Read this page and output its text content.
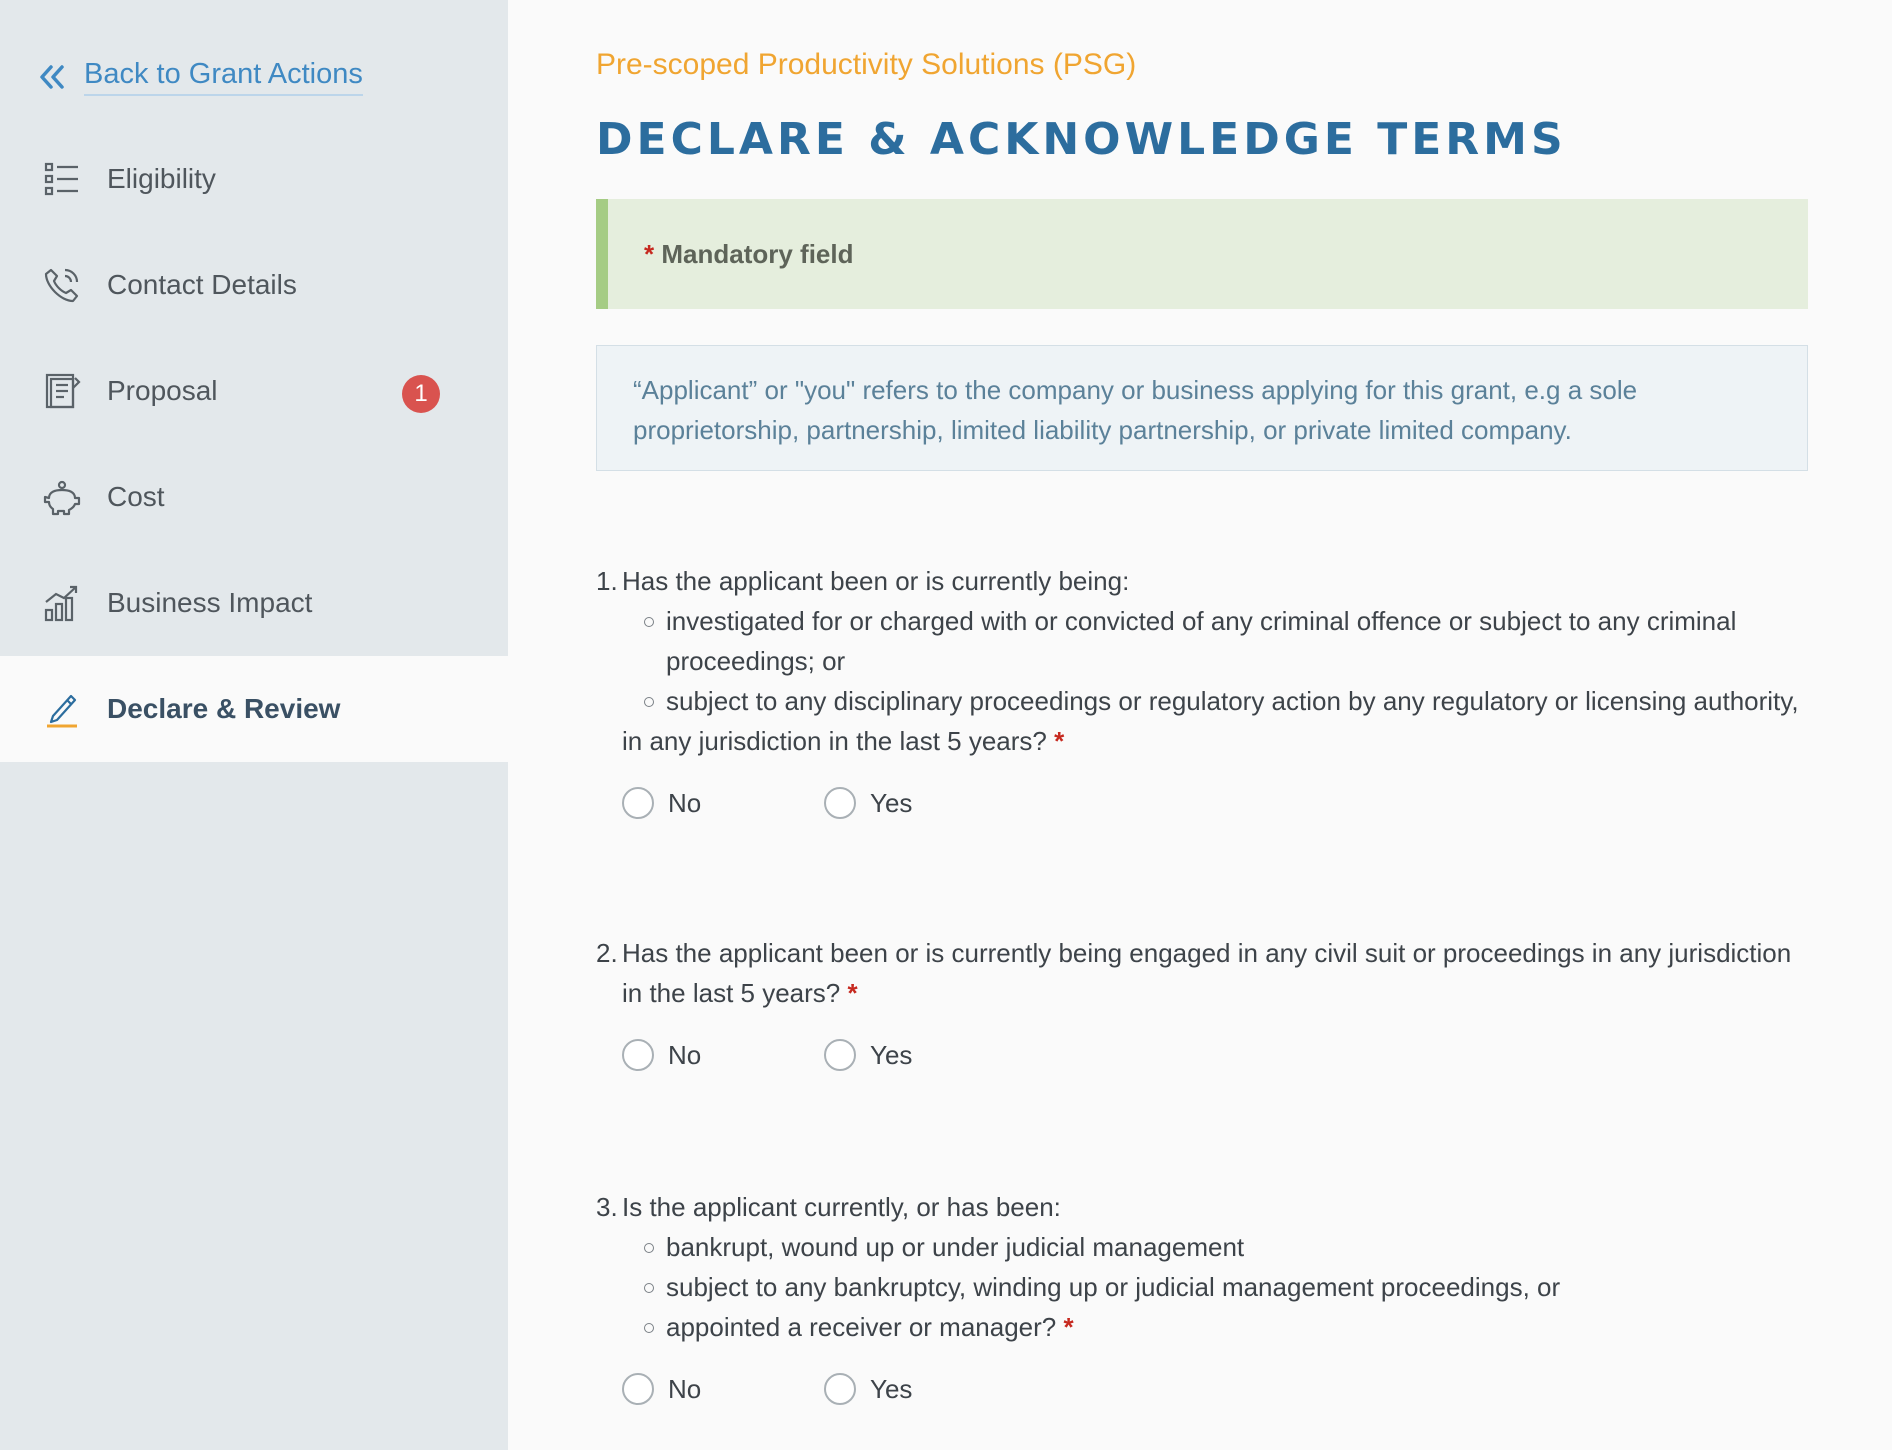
Back to Grant Actions
Eligibility
Contact Details
Proposal	1
Cost
Business Impact
Declare & Review
Pre-scoped Productivity Solutions (PSG)
DECLARE & ACKNOWLEDGE TERMS
*
Mandatory field
“Applicant” or "you" refers to the company or business applying for this grant, e.g a sole proprietorship, partnership, limited liability partnership, or private limited company.
1. Has the applicant been or is currently being:
investigated for or charged with or convicted of any criminal offence or subject to any criminal proceedings; or
subject to any disciplinary proceedings or regulatory action by any regulatory or licensing authority,
in any jurisdiction in the last 5 years? *
No	Yes
2. Has the applicant been or is currently being engaged in any civil suit or proceedings in any jurisdiction in the last 5 years? *
No	Yes
3. Is the applicant currently, or has been:
bankrupt, wound up or under judicial management
subject to any bankruptcy, winding up or judicial management proceedings, or
appointed a receiver or manager? *
No	Yes
